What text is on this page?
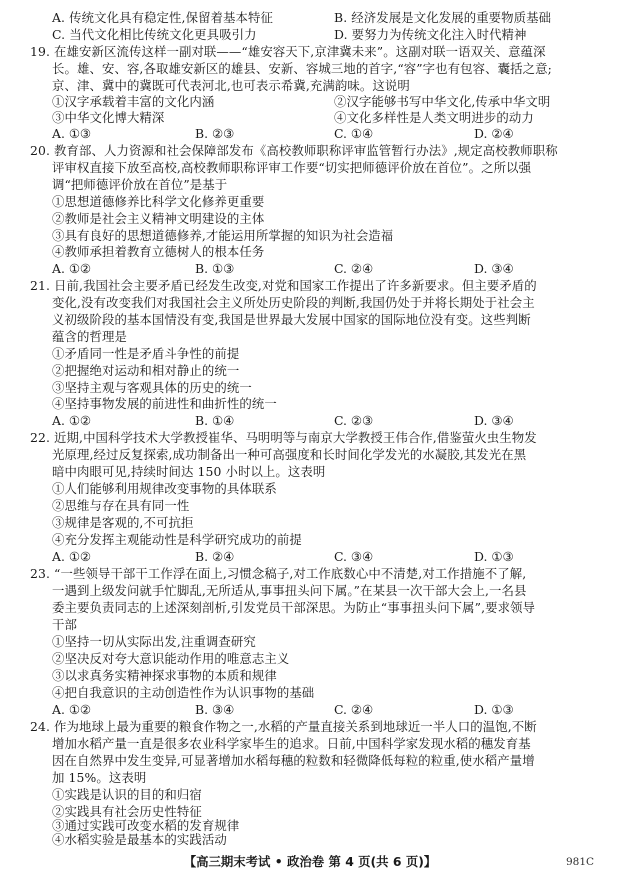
A. 传统文化具有稳定性,保留着基本特征	B. 经济发展是文化发展的重要物质基础
C. 当代文化相比传统文化更具吸引力	D. 要努力为传统文化注入时代精神
19. 在雄安新区流传这样一副对联——“雄安容天下,京津冀未来”。这副对联一语双关、意蕴深
长。雄、安、容,各取雄安新区的雄县、安新、容城三地的首字,“容”字也有包容、囊括之意;
京、津、冀中的冀既可代表河北,也可表示希冀,充满韵味。这说明
①汉字承载着丰富的文化内涵	②汉字能够书写中华文化,传承中华文明
③中华文化博大精深	④文化多样性是人类文明进步的动力
A. ①③	B. ②③	C. ①④	D. ②④
20. 教育部、人力资源和社会保障部发布《高校教师职称评审监管暂行办法》,规定高校教师职称
评审权直接下放至高校,高校教师职称评审工作要“切实把师德评价放在首位”。之所以强
调“把师德评价放在首位”是基于
①思想道德修养比科学文化修养更重要
②教师是社会主义精神文明建设的主体
③具有良好的思想道德修养,才能运用所掌握的知识为社会造福
④教师承担着教育立德树人的根本任务
A. ①②	B. ①③	C. ②④	D. ③④
21. 日前,我国社会主要矛盾已经发生改变,对党和国家工作提出了许多新要求。但主要矛盾的
变化,没有改变我们对我国社会主义所处历史阶段的判断,我国仍处于并将长期处于社会主
义初级阶段的基本国情没有变,我国是世界最大发展中国家的国际地位没有变。这些判断
蕴含的哲理是
①矛盾同一性是矛盾斗争性的前提
②把握绝对运动和相对静止的统一
③坚持主观与客观具体的历史的统一
④坚持事物发展的前进性和曲折性的统一
A. ①②	B. ①④	C. ②③	D. ③④
22. 近期,中国科学技术大学教授崔华、马明明等与南京大学教授王伟合作,借鉴萤火虫生物发
光原理,经过反复探索,成功制备出一种可高强度和长时间化学发光的水凝胶,其发光在黑
暗中肉眼可见,持续时间达 150 小时以上。这表明
①人们能够利用规律改变事物的具体联系
②思维与存在具有同一性
③规律是客观的,不可抗拒
④充分发挥主观能动性是科学研究成功的前提
A. ①②	B. ②④	C. ③④	D. ①③
23. “一些领导干部干工作浮在面上,习惯念稿子,对工作底数心中不清楚,对工作措施不了解,
一遇到上级发问就手忙脚乱,无所适从,事事扭头问下属。”在某县一次干部大会上,一名县
委主要负责同志的上述深刻剖析,引发党员干部深思。为防止“事事扭头问下属”,要求领导
干部
①坚持一切从实际出发,注重调查研究
②坚决反对夸大意识能动作用的唯意志主义
③以求真务实精神探求事物的本质和规律
④把自我意识的主动创造性作为认识事物的基础
A. ①②	B. ③④	C. ②④	D. ①③
24. 作为地球上最为重要的粮食作物之一,水稻的产量直接关系到地球近一半人口的温饱,不断
增加水稻产量一直是很多农业科学家毕生的追求。日前,中国科学家发现水稻的穗发育基
因在自然界中发生变异,可显著增加水稻每穗的粒数和轻微降低每粒的粒重,使水稻产量增
加 15%。这表明
①实践是认识的目的和归宿
②实践具有社会历史性特征
【高三期末考试 • 政治卷 第 4 页(共 6 页)】	981C
③通过实践可改变水稻的发育规律
④水稻实验是最基本的实践活动
